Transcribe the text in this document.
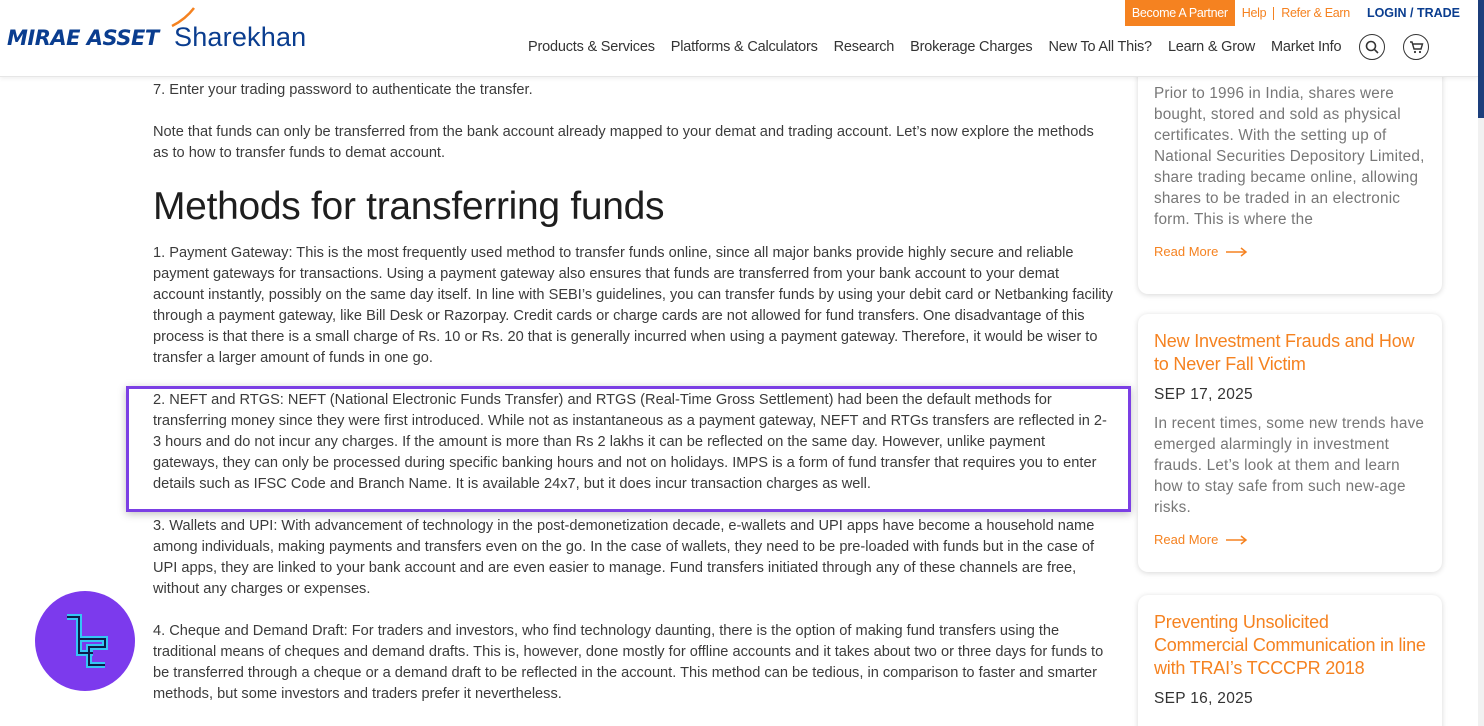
MIRAE ASSET Sharekhan
Become A Partner	Help	Refer & Earn	LOGIN / TRADE
Products & Services Platforms & Calculators Research Brokerage Charges New To All This? Learn & Grow Market Info

7. Enter your trading password to authenticate the transfer.

Note that funds can only be transferred from the bank account already mapped to your demat and trading account. Let’s now explore the methods as to how to transfer funds to demat account.

Methods for transferring funds

1. Payment Gateway: This is the most frequently used method to transfer funds online, since all major banks provide highly secure and reliable payment gateways for transactions. Using a payment gateway also ensures that funds are transferred from your bank account to your demat account instantly, possibly on the same day itself. In line with SEBI’s guidelines, you can transfer funds by using your debit card or Netbanking facility through a payment gateway, like Bill Desk or Razorpay. Credit cards or charge cards are not allowed for fund transfers. One disadvantage of this process is that there is a small charge of Rs. 10 or Rs. 20 that is generally incurred when using a payment gateway. Therefore, it would be wiser to transfer a larger amount of funds in one go.

2. NEFT and RTGS: NEFT (National Electronic Funds Transfer) and RTGS (Real-Time Gross Settlement) had been the default methods for transferring money since they were first introduced. While not as instantaneous as a payment gateway, NEFT and RTGs transfers are reflected in 2-3 hours and do not incur any charges. If the amount is more than Rs 2 lakhs it can be reflected on the same day. However, unlike payment gateways, they can only be processed during specific banking hours and not on holidays. IMPS is a form of fund transfer that requires you to enter details such as IFSC Code and Branch Name. It is available 24x7, but it does incur transaction charges as well.

3. Wallets and UPI: With advancement of technology in the post-demonetization decade, e-wallets and UPI apps have become a household name among individuals, making payments and transfers even on the go. In the case of wallets, they need to be pre-loaded with funds but in the case of UPI apps, they are linked to your bank account and are even easier to manage. Fund transfers initiated through any of these channels are free, without any charges or expenses.

4. Cheque and Demand Draft: For traders and investors, who find technology daunting, there is the option of making fund transfers using the traditional means of cheques and demand drafts. This is, however, done mostly for offline accounts and it takes about two or three days for funds to be transferred through a cheque or a demand draft to be reflected in the account. This method can be tedious, in comparison to faster and smarter methods, but some investors and traders prefer it nevertheless.

Prior to 1996 in India, shares were bought, stored and sold as physical certificates. With the setting up of National Securities Depository Limited, share trading became online, allowing shares to be traded in an electronic form. This is where the
Read More
New Investment Frauds and How to Never Fall Victim
SEP 17, 2025
In recent times, some new trends have emerged alarmingly in investment frauds. Let’s look at them and learn how to stay safe from such new-age risks.
Read More
Preventing Unsolicited Commercial Communication in line with TRAI’s TCCCPR 2018
SEP 16, 2025
